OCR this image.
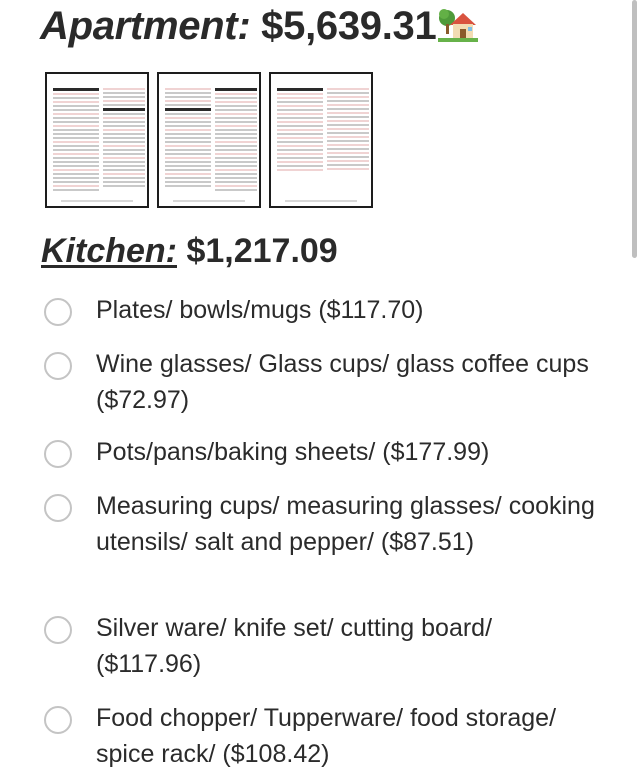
Apartment: $5,639.31
Kitchen: $1,217.09
Plates/ bowls/mugs ($117.70)
Wine glasses/ Glass cups/ glass coffee cups ($72.97)
Pots/pans/baking sheets/ ($177.99)
Measuring cups/ measuring glasses/ cooking utensils/ salt and pepper/ ($87.51)
Silver ware/ knife set/ cutting board/ ($117.96)
Food chopper/ Tupperware/ food storage/ spice rack/ ($108.42)
